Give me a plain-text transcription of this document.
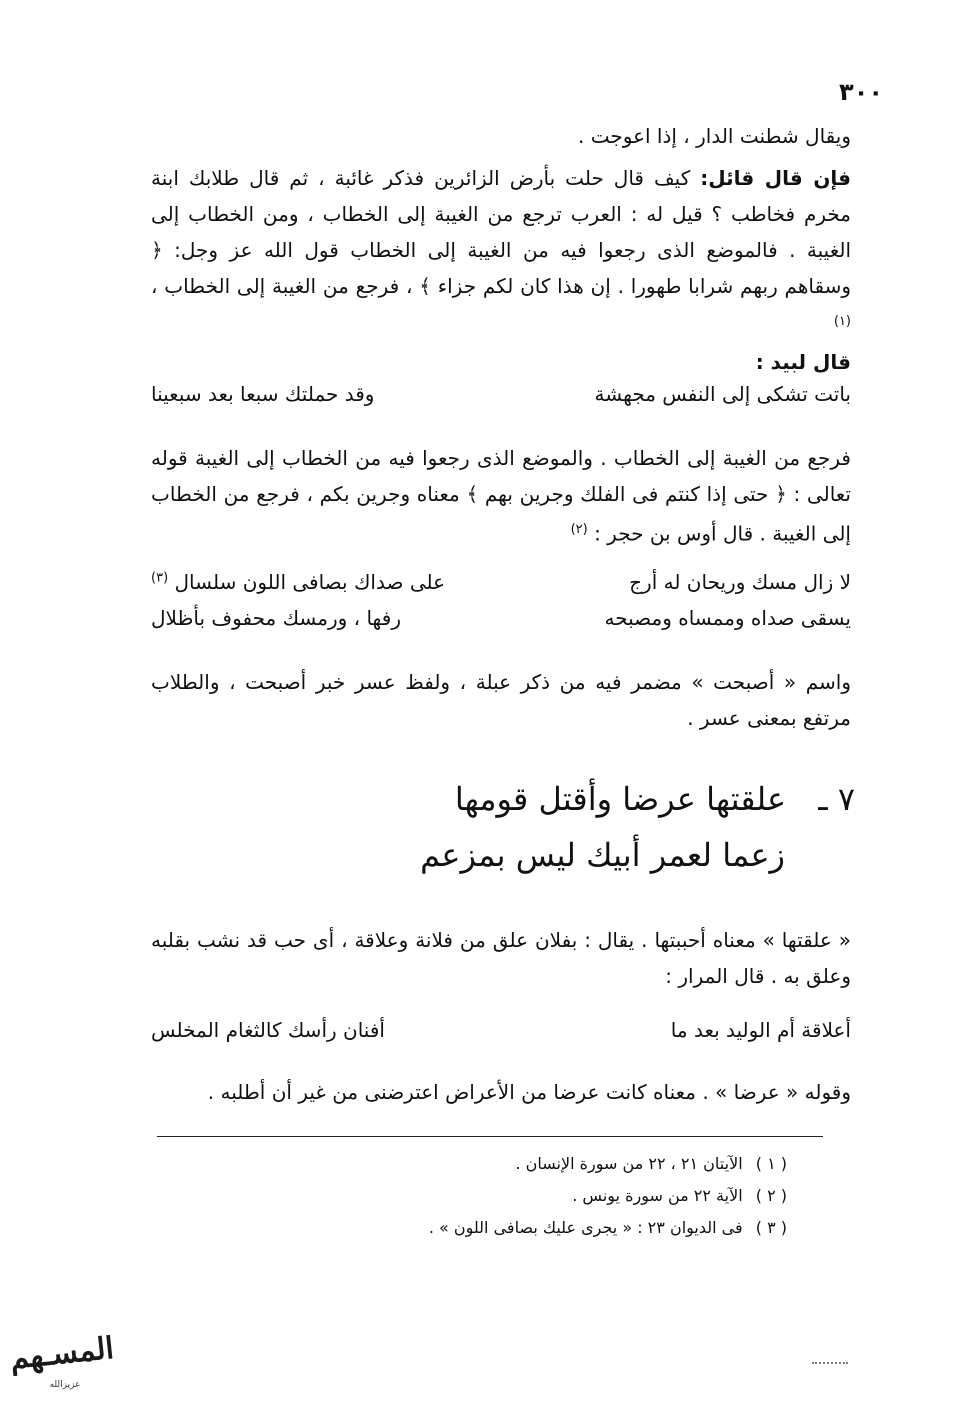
٣٠٠

ويقال شطنت الدار ، إذا اعوجت .

فإن قال قائل: كيف قال حلت بأرض الزائرين فذكر غائبة ، ثم قال طلابك ابنة مخرم فخاطب ؟ قيل له : العرب ترجع من الغيبة إلى الخطاب ، ومن الخطاب إلى الغيبة . فالموضع الذى رجعوا فيه من الغيبة إلى الخطاب قول الله عز وجل: ﴿ وسقاهم ربهم شرابا طهورا . إن هذا كان لكم جزاء ﴾ ، فرجع من الغيبة إلى الخطاب ، $^{(١)}$

قال لبيد :

باتت تشكى إلى النفس مجهشة
وقد حملتك سبعا بعد سبعينا

فرجع من الغيبة إلى الخطاب . والموضع الذى رجعوا فيه من الخطاب إلى الغيبة قوله تعالى : ﴿ حتى إذا كنتم فى الفلك وجرين بهم ﴾ معناه وجرين بكم ، فرجع من الخطاب إلى الغيبة . قال أوس بن حجر : $^{(٢)}$

لا زال مسك وريحان له أرج
على صداك بصافى اللون سلسال $^{(٣)}$
يسقى صداه وممساه ومصبحه
رفها ، ورمسك محفوف بأظلال

واسم « أصبحت » مضمر فيه من ذكر عبلة ، ولفظ عسر خبر أصبحت ، والطلاب مرتفع بمعنى عسر .

٧ ـ علقتها عرضا وأقتل قومها
زعما لعمر أبيك ليس بمزعم

« علقتها » معناه أحببتها . يقال : بفلان علق من فلانة وعلاقة ، أى حب قد نشب بقلبه وعلق به . قال المرار :

أعلاقة أم الوليد بعد ما
أفنان رأسك كالثغام المخلس

وقوله « عرضا » . معناه كانت عرضا من الأعراض اعترضنى من غير أن أطلبه .

( ١ ) الآيتان ٢١ ، ٢٢ من سورة الإنسان .

( ٢ ) الآية ٢٢ من سورة يونس .

( ٣ ) فى الديوان ٢٣ : « يجرى عليك بصافى اللون » .

المسـهم
عزيزالله
